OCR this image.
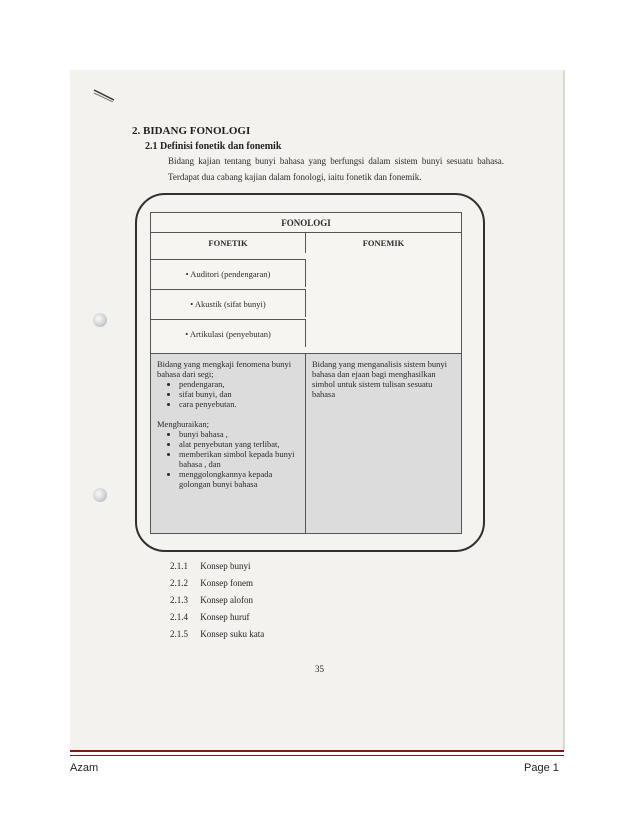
2. BIDANG FONOLOGI
2.1 Definisi fonetik dan fonemik
Bidang kajian tentang bunyi bahasa yang berfungsi dalam sistem bunyi sesuatu bahasa. Terdapat dua cabang kajian dalam fonologi, iaitu fonetik dan fonemik.
FONOLOGI
FONETIK	FONEMIK
• Auditori (pendengaran)
• Akustik (sifat bunyi)
• Artikulasi (penyebutan)

Bidang yang mengkaji fenomena bunyi bahasa dari segi;

• pendengaran,
• sifat bunyi, dan
• cara penyebutan.

Menghuraikan;

• bunyi bahasa ,
• alat penyebutan yang terlibat,
• memberikan simbol kepada bunyi bahasa , dan
• menggolongkannya kepada golongan bunyi bahasa
Bidang yang menganalisis sistem bunyi bahasa dan ejaan bagi menghasilkan simbol untuk sistem tulisan sesuatu bahasa
2.1.1 Konsep bunyi
2.1.2 Konsep fonem
2.1.3 Konsep alofon
2.1.4 Konsep huruf
2.1.5 Konsep suku kata
35
Azam	Page 1
